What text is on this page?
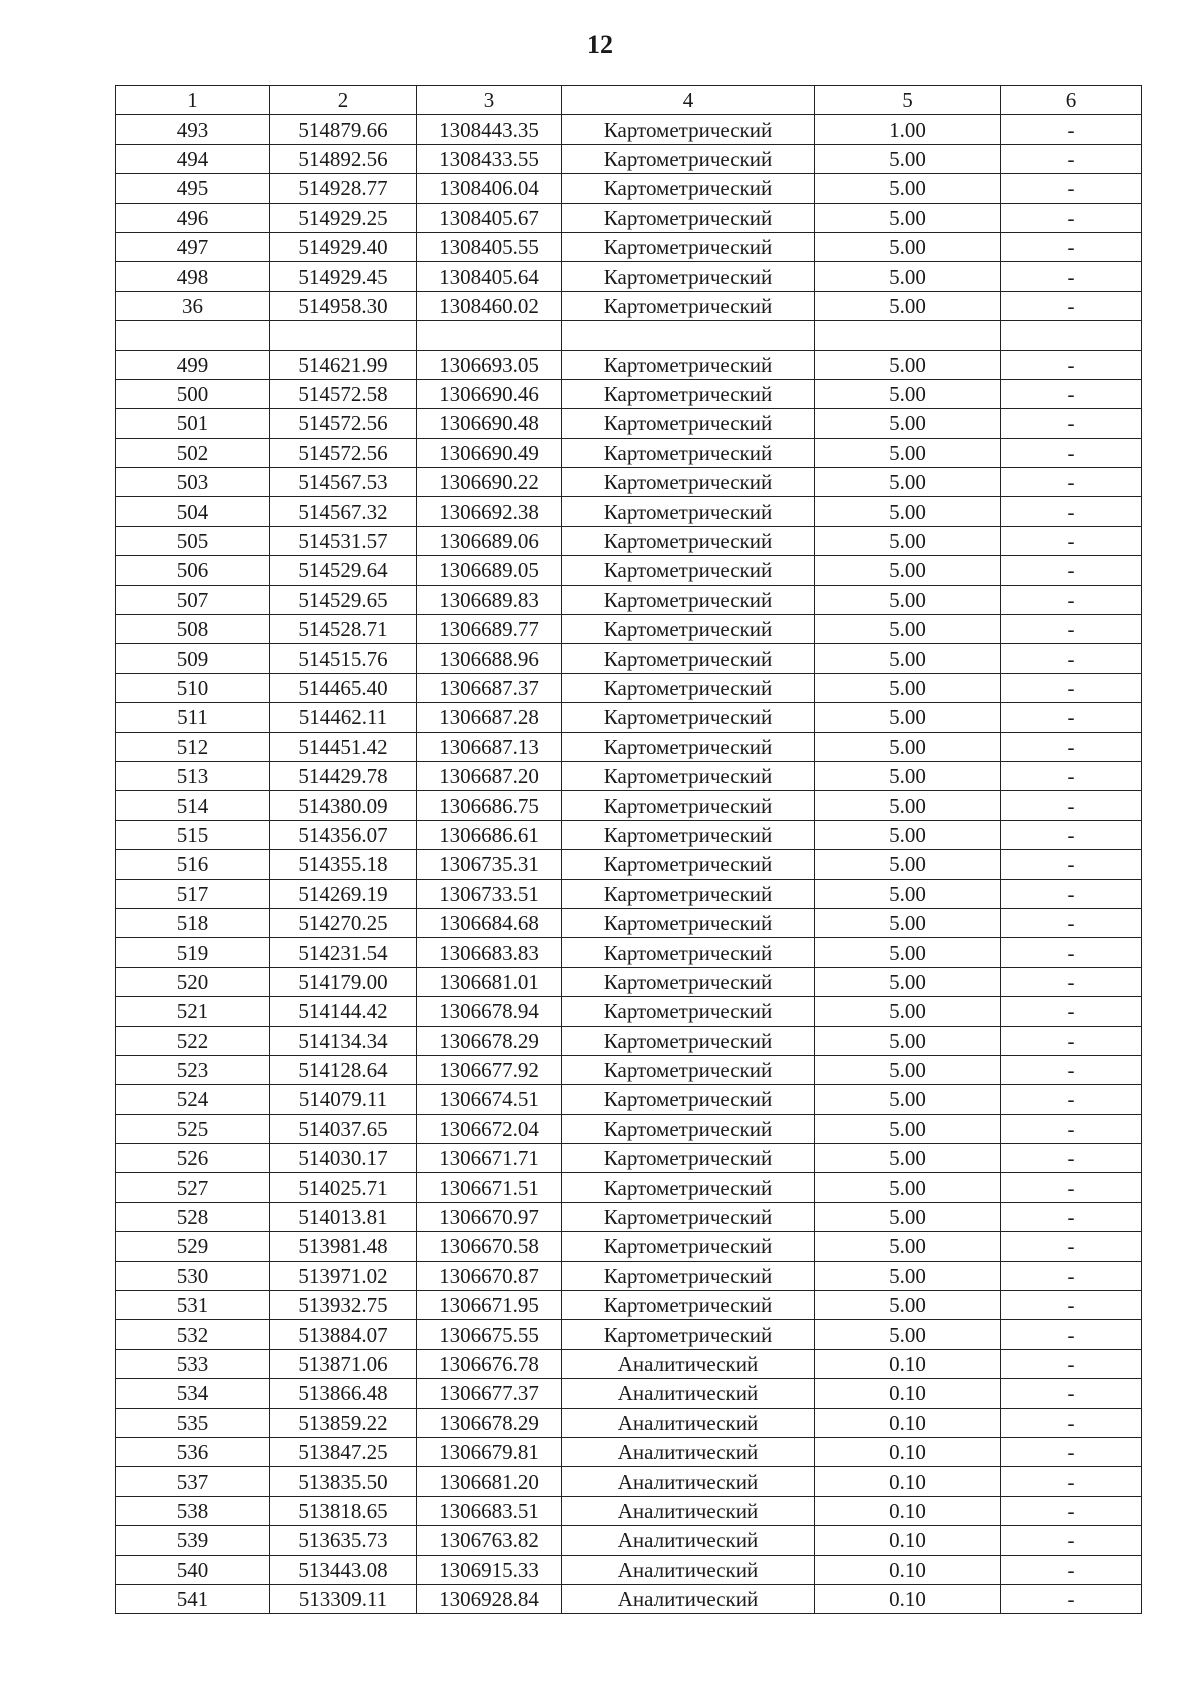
12
1	2	3	4	5	6
493	514879.66	1308443.35	Картометрический	1.00	-
494	514892.56	1308433.55	Картометрический	5.00	-
495	514928.77	1308406.04	Картометрический	5.00	-
496	514929.25	1308405.67	Картометрический	5.00	-
497	514929.40	1308405.55	Картометрический	5.00	-
498	514929.45	1308405.64	Картометрический	5.00	-
36	514958.30	1308460.02	Картометрический	5.00	-

499	514621.99	1306693.05	Картометрический	5.00	-
500	514572.58	1306690.46	Картометрический	5.00	-
501	514572.56	1306690.48	Картометрический	5.00	-
502	514572.56	1306690.49	Картометрический	5.00	-
503	514567.53	1306690.22	Картометрический	5.00	-
504	514567.32	1306692.38	Картометрический	5.00	-
505	514531.57	1306689.06	Картометрический	5.00	-
506	514529.64	1306689.05	Картометрический	5.00	-
507	514529.65	1306689.83	Картометрический	5.00	-
508	514528.71	1306689.77	Картометрический	5.00	-
509	514515.76	1306688.96	Картометрический	5.00	-
510	514465.40	1306687.37	Картометрический	5.00	-
511	514462.11	1306687.28	Картометрический	5.00	-
512	514451.42	1306687.13	Картометрический	5.00	-
513	514429.78	1306687.20	Картометрический	5.00	-
514	514380.09	1306686.75	Картометрический	5.00	-
515	514356.07	1306686.61	Картометрический	5.00	-
516	514355.18	1306735.31	Картометрический	5.00	-
517	514269.19	1306733.51	Картометрический	5.00	-
518	514270.25	1306684.68	Картометрический	5.00	-
519	514231.54	1306683.83	Картометрический	5.00	-
520	514179.00	1306681.01	Картометрический	5.00	-
521	514144.42	1306678.94	Картометрический	5.00	-
522	514134.34	1306678.29	Картометрический	5.00	-
523	514128.64	1306677.92	Картометрический	5.00	-
524	514079.11	1306674.51	Картометрический	5.00	-
525	514037.65	1306672.04	Картометрический	5.00	-
526	514030.17	1306671.71	Картометрический	5.00	-
527	514025.71	1306671.51	Картометрический	5.00	-
528	514013.81	1306670.97	Картометрический	5.00	-
529	513981.48	1306670.58	Картометрический	5.00	-
530	513971.02	1306670.87	Картометрический	5.00	-
531	513932.75	1306671.95	Картометрический	5.00	-
532	513884.07	1306675.55	Картометрический	5.00	-
533	513871.06	1306676.78	Аналитический	0.10	-
534	513866.48	1306677.37	Аналитический	0.10	-
535	513859.22	1306678.29	Аналитический	0.10	-
536	513847.25	1306679.81	Аналитический	0.10	-
537	513835.50	1306681.20	Аналитический	0.10	-
538	513818.65	1306683.51	Аналитический	0.10	-
539	513635.73	1306763.82	Аналитический	0.10	-
540	513443.08	1306915.33	Аналитический	0.10	-
541	513309.11	1306928.84	Аналитический	0.10	-
